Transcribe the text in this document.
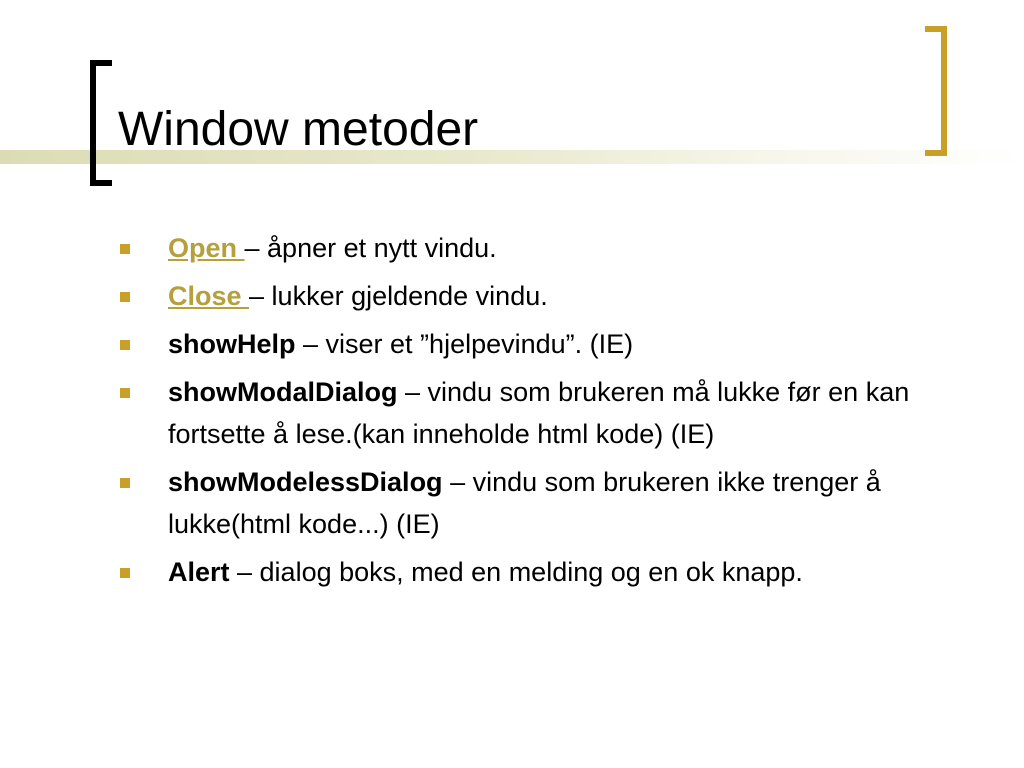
Window metoder
Open – åpner et nytt vindu.
Close – lukker gjeldende vindu.
showHelp – viser et ”hjelpevindu”. (IE)
showModalDialog – vindu som brukeren må lukke før en kan fortsette å lese.(kan inneholde html kode) (IE)
showModelessDialog – vindu som brukeren ikke trenger å lukke(html kode...) (IE)
Alert – dialog boks, med en melding og en ok knapp.
